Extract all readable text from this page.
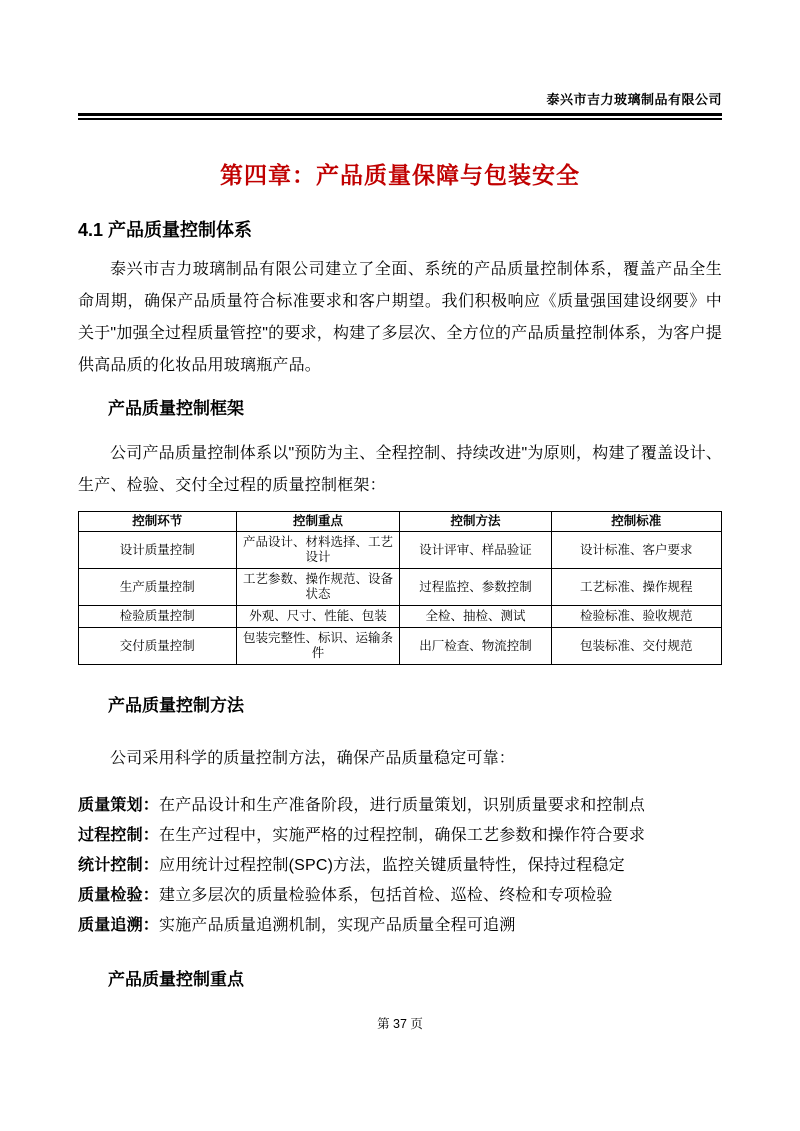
泰兴市吉力玻璃制品有限公司
第四章：产品质量保障与包装安全
4.1 产品质量控制体系

泰兴市吉力玻璃制品有限公司建立了全面、系统的产品质量控制体系，覆盖产品全生命周期，确保产品质量符合标准要求和客户期望。我们积极响应《质量强国建设纲要》中关于"加强全过程质量管控"的要求，构建了多层次、全方位的产品质量控制体系，为客户提供高品质的化妆品用玻璃瓶产品。

产品质量控制框架

公司产品质量控制体系以"预防为主、全程控制、持续改进"为原则，构建了覆盖设计、生产、检验、交付全过程的质量控制框架：

控制环节	控制重点	控制方法	控制标准
设计质量控制	产品设计、材料选择、工艺设计	设计评审、样品验证	设计标准、客户要求
生产质量控制	工艺参数、操作规范、设备状态	过程监控、参数控制	工艺标准、操作规程
检验质量控制	外观、尺寸、性能、包装	全检、抽检、测试	检验标准、验收规范
交付质量控制	包装完整性、标识、运输条件	出厂检查、物流控制	包装标准、交付规范
产品质量控制方法

公司采用科学的质量控制方法，确保产品质量稳定可靠：

质量策划：在产品设计和生产准备阶段，进行质量策划，识别质量要求和控制点

过程控制：在生产过程中，实施严格的过程控制，确保工艺参数和操作符合要求

统计控制：应用统计过程控制(SPC)方法，监控关键质量特性，保持过程稳定

质量检验：建立多层次的质量检验体系，包括首检、巡检、终检和专项检验

质量追溯：实施产品质量追溯机制，实现产品质量全程可追溯

产品质量控制重点
第 37 页
